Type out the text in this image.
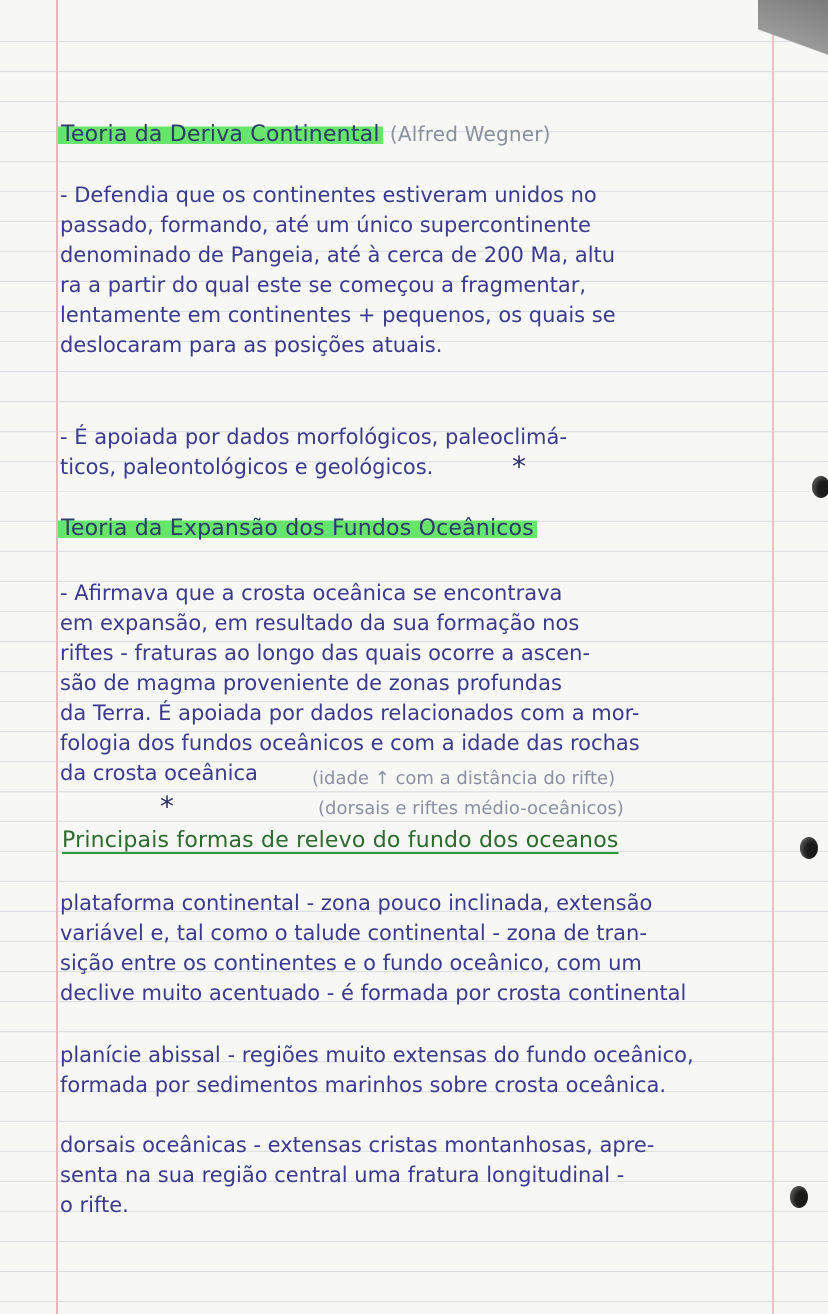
Teoria da Deriva Continental (Alfred Wegner)
- Defendia que os continentes estiveram unidos no
passado, formando, até um único supercontinente
denominado de Pangeia, até à cerca de 200 Ma, altu
ra a partir do qual este se começou a fragmentar,
lentamente em continentes + pequenos, os quais se
deslocaram para as posições atuais.
- É apoiada por dados morfológicos, paleoclimá-
ticos, paleontológicos e geológicos.	*
Teoria da Expansão dos Fundos Oceânicos
- Afirmava que a crosta oceânica se encontrava
em expansão, em resultado da sua formação nos
riftes - fraturas ao longo das quais ocorre a ascen-
são de magma proveniente de zonas profundas
da Terra. É apoiada por dados relacionados com a mor-
fologia dos fundos oceânicos e com a idade das rochas
da crosta oceânica	(idade ↑ com a distância do rifte)
(dorsais e riftes médio-oceânicos)
*
Principais formas de relevo do fundo dos oceanos
plataforma continental - zona pouco inclinada, extensão
variável e, tal como o talude continental - zona de tran-
sição entre os continentes e o fundo oceânico, com um
declive muito acentuado - é formada por crosta continental
planície abissal - regiões muito extensas do fundo oceânico,
formada por sedimentos marinhos sobre crosta oceânica.
dorsais oceânicas - extensas cristas montanhosas, apre-
senta na sua região central uma fratura longitudinal -
o rifte.
